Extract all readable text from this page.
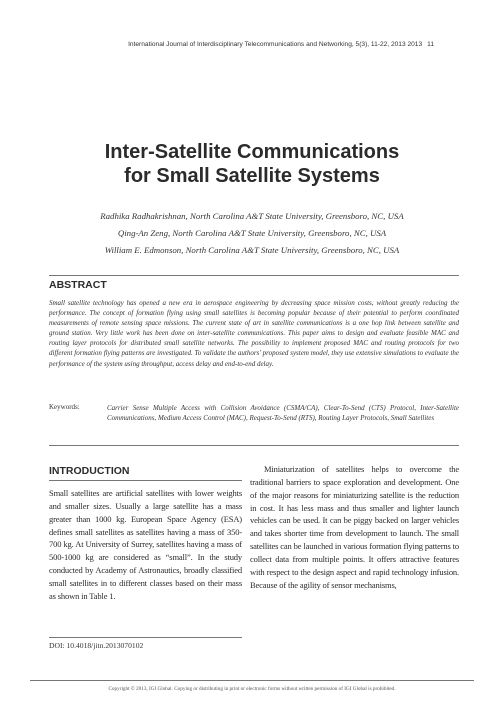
International Journal of Interdisciplinary Telecommunications and Networking, 5(3), 11-22, 2013 2013 11
Inter-Satellite Communications
for Small Satellite Systems
Radhika Radhakrishnan, North Carolina A&T State University, Greensboro, NC, USA
Qing-An Zeng, North Carolina A&T State University, Greensboro, NC, USA
William E. Edmonson, North Carolina A&T State University, Greensboro, NC, USA
ABSTRACT
Small satellite technology has opened a new era in aerospace engineering by decreasing space mission costs, without greatly reducing the performance. The concept of formation flying using small satellites is becoming popular because of their potential to perform coordinated measurements of remote sensing space missions. The current state of art in satellite communications is a one hop link between satellite and ground station. Very little work has been done on inter-satellite communications. This paper aims to design and evaluate feasible MAC and routing layer protocols for distributed small satellite networks. The possibility to implement proposed MAC and routing protocols for two different formation flying patterns are investigated. To validate the authors' proposed system model, they use extensive simulations to evaluate the performance of the system using throughput, access delay and end-to-end delay.
Keywords:	Carrier Sense Multiple Access with Collision Avoidance (CSMA/CA), Clear-To-Send (CTS) Protocol, Inter-Satellite Communications, Medium Access Control (MAC), Request-To-Send (RTS), Routing Layer Protocols, Small Satellites
INTRODUCTION
Small satellites are artificial satellites with lower weights and smaller sizes. Usually a large satellite has a mass greater than 1000 kg. European Space Agency (ESA) defines small satellites as satellites having a mass of 350-700 kg. At University of Surrey, satellites having a mass of 500-1000 kg are considered as “small”. In the study conducted by Academy of Astronautics, broadly classified small satellites in to different classes based on their mass as shown in Table 1.
Miniaturization of satellites helps to overcome the traditional barriers to space exploration and development. One of the major reasons for miniaturizing satellite is the reduction in cost. It has less mass and thus smaller and lighter launch vehicles can be used. It can be piggy backed on larger vehicles and takes shorter time from development to launch. The small satellites can be launched in various formation flying patterns to collect data from multiple points. It offers attractive features with respect to the design aspect and rapid technology infusion. Because of the agility of sensor mechanisms,
DOI: 10.4018/jitn.2013070102
Copyright © 2013, IGI Global. Copying or distributing in print or electronic forms without written permission of IGI Global is prohibited.
